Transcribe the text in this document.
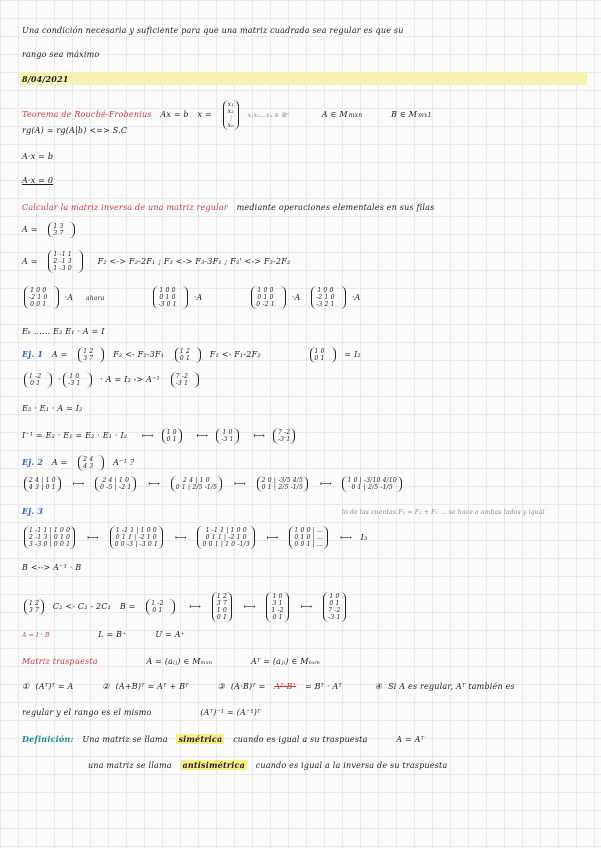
Una condición necesaria y suficiente para que una matriz cuadrada sea regular es que su
rango sea máximo
8/04/2021
Teorema de Rouché-Frobenius Ax = b x = x₁
x₂
⋮
xₙ x₁x₂…xₙ ∈ ℝⁿ	A ∈ Mmxn	B ∈ Mmx1
rg(A) = rg(A|b) <=> S.C
A·x = b
A·x = 0
Calcular la matriz inversa de una matriz regular mediante operaciones elementales en sus filas
A =	1 3
3 7
A = 1 -1 1
2 -1 3
1 -3 0 F₂ <-> F₂-2F₁ ; F₃ <-> F₃-3F₁ ; F₃' <-> F₃-2F₂
1 0 0
-2 1 0
0 0 1·A ahora 1 0 0
0 1 0
-3 0 1·A 1 0 0
0 1 0
0 -2 1·A 1 0 0
-2 1 0
-3 2 1·A
Eₖ …… E₂ E₁ · A = I
Ej. 1 A =	1 2
3 7 F₂ <- F₂-3F₁	1 2
0 1 F₁ <- F₁-2F₂	1 0
0 1 = I₂
1 -2
0 1 · 1 0
-3 1 · A = I₂ -> A⁻¹	7 -2
-3 1
E₂ · E₁ · A = I₂
I⁻¹ = E₂ · E₁ = E₂ · E₁ · I₂ ⟼ 1 0
0 1 ⟼ 1 0
-3 1 ⟼ 7 -2
-3 1
Ej. 2 A =	2 4
4 3 A⁻¹ ?
2 4 | 1 0
4 3 | 0 1 ⟼	2 4 | 1 0
0 -5 | -2 1 ⟼	2 4 | 1 0
0 1 | 2/5 -1/5 ⟼	2 0 | -3/5 4/5
0 1 | 2/5 -1/5 ⟼	1 0 | -3/10 4/10
0 1 | 2/5 -1/5
Ej. 3	lo de las cuentas F₂ = F₂ + F₁ ... se hace a ambas lados y igual
1 -1 1 | 1 0 0
2 -1 3 | 0 1 0
3 -3 0 | 0 0 1⟼ 1 -1 1 | 1 0 0
0 1 1 | -2 1 0
0 0 -3 | -3 0 1⟼ 1 -1 1 | 1 0 0
0 1 1 | -2 1 0
0 0 1 | 1 0 -1/3⟼ 1 0 0 | …
0 1 0 | …
0 0 1 | …⟼ I₃
B <--> A⁻¹ · B
1 2
3 7 C₂ <- C₂ - 2C₁ B =	1 -2
0 1	⟼ 1 2
3 7
1 0
0 1⟼ 1 0
3 1
1 -2
0 1⟼ 1 0
0 1
7 -2
-3 1
A = I · B	L = B⁺	U = A⁺
Matriz traspuesta	A = (aᵢⱼ) ∈ Mₘₓₙ	Aᵀ = (aⱼᵢ) ∈ Mₙₓₘ
① (Aᵀ)ᵀ = A	② (A+B)ᵀ = Aᵀ + Bᵀ	③ (A·B)ᵀ = Aᵀ·Bᵀ = Bᵀ · Aᵀ	④ Si A es regular, Aᵀ también es
regular y el rango es el mismo	(Aᵀ)⁻¹ = (A⁻¹)ᵀ
Definición: Una matriz se llama simétrica cuando es igual a su traspuesta	A = Aᵀ
una matriz se llama antisimétrica cuando es igual a la inversa de su traspuesta
